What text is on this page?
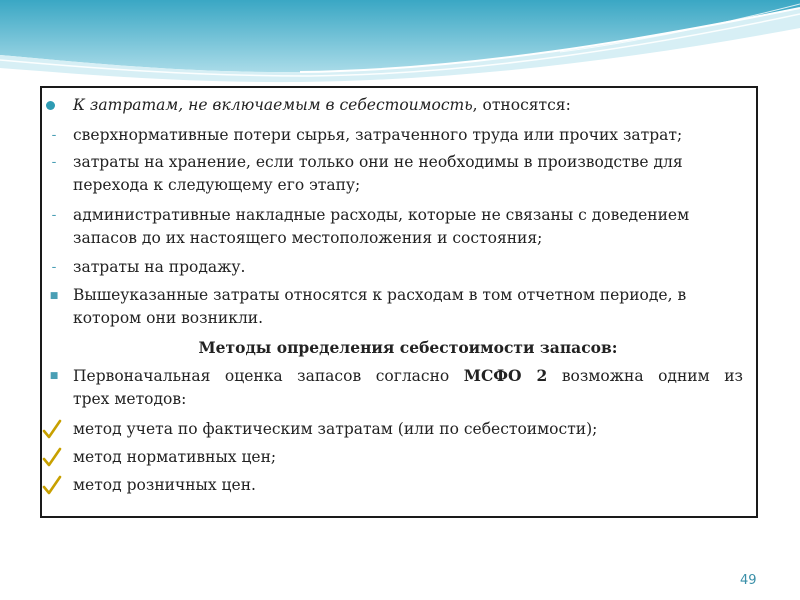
К затратам, не включаемым в себестоимость, относятся:
-	сверхнормативные потери сырья, затраченного труда или прочих затрат;
-	затраты на хранение, если только они не необходимы в производстве для
перехода к следующему его этапу;
-	административные накладные расходы, которые не связаны с доведением
запасов до их настоящего местоположения и состояния;
-	затраты на продажу.
■ Вышеуказанные затраты относятся к расходам в том отчетном периоде, в
котором они возникли.
Методы определения себестоимости запасов:
■ Первоначальная оценка запасов согласно МСФО 2 возможна одним из
трех методов:
метод учета по фактическим затратам (или по себестоимости);
метод нормативных цен;
метод розничных цен.
49
